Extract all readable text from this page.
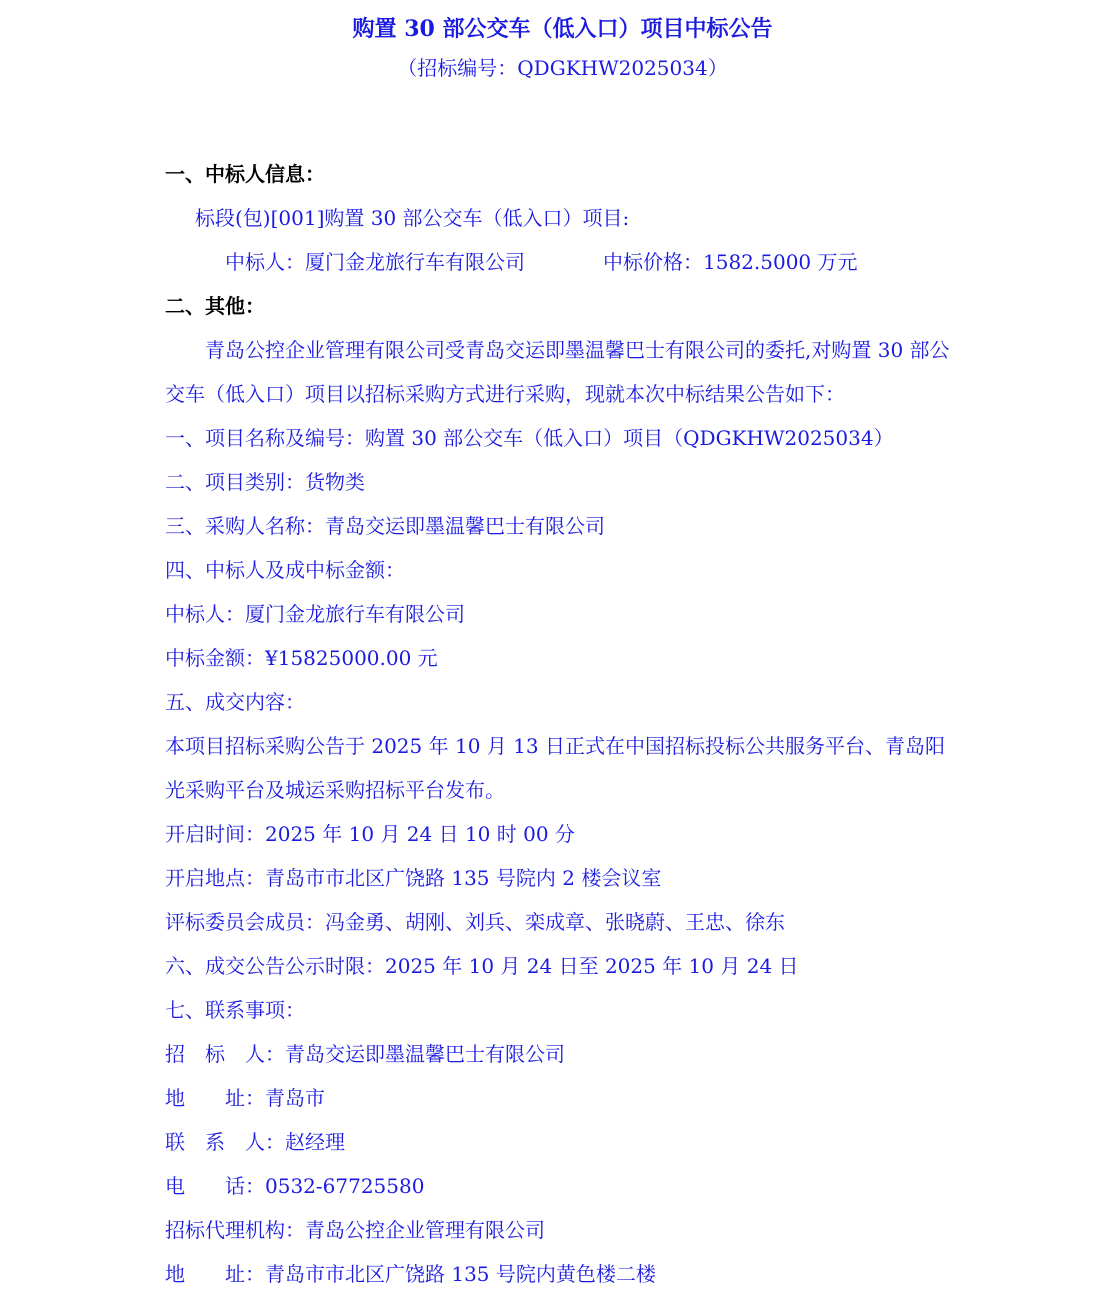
购置 30 部公交车（低入口）项目中标公告

（招标编号：QDGKHW2025034）

一、中标人信息：

标段(包)[001]购置 30 部公交车（低入口）项目:

中标人：厦门金龙旅行车有限公司	中标价格：1582.5000 万元

二、其他：

青岛公控企业管理有限公司受青岛交运即墨温馨巴士有限公司的委托,对购置 30 部公交车（低入口）项目以招标采购方式进行采购，现就本次中标结果公告如下：

一、项目名称及编号：购置 30 部公交车（低入口）项目（QDGKHW2025034）

二、项目类别：货物类

三、采购人名称：青岛交运即墨温馨巴士有限公司

四、中标人及成中标金额：

中标人：厦门金龙旅行车有限公司

中标金额：¥15825000.00 元

五、成交内容：

本项目招标采购公告于 2025 年 10 月 13 日正式在中国招标投标公共服务平台、青岛阳光采购平台及城运采购招标平台发布。

开启时间：2025 年 10 月 24 日 10 时 00 分

开启地点：青岛市市北区广饶路 135 号院内 2 楼会议室

评标委员会成员：冯金勇、胡刚、刘兵、栾成章、张晓蔚、王忠、徐东

六、成交公告公示时限：2025 年 10 月 24 日至 2025 年 10 月 24 日

七、联系事项：

招　标　人：青岛交运即墨温馨巴士有限公司

地　　址：青岛市

联　系　人：赵经理

电　　话：0532-67725580

招标代理机构：青岛公控企业管理有限公司

地　　址：青岛市市北区广饶路 135 号院内黄色楼二楼
